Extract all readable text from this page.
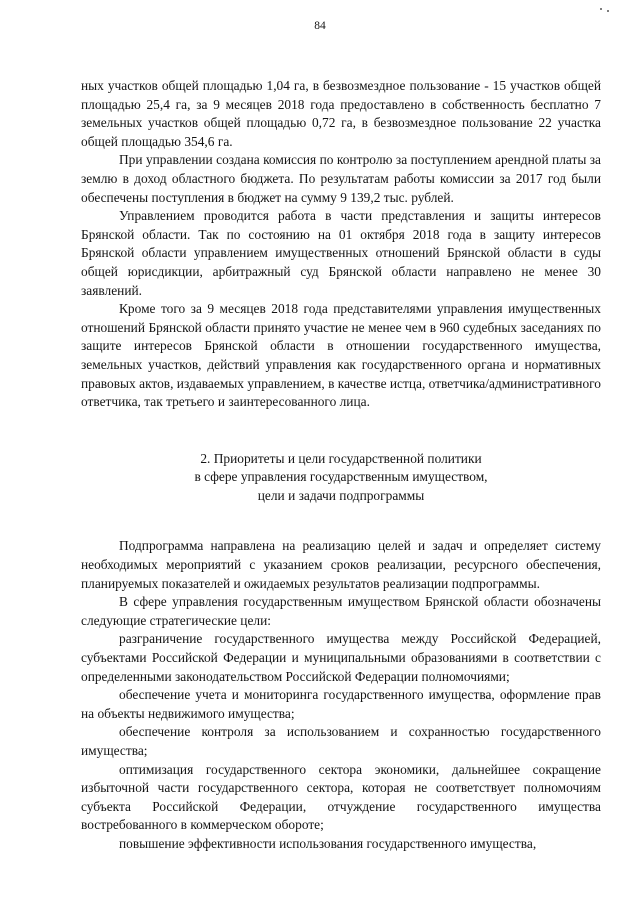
84

ных участков общей площадью 1,04 га, в безвозмездное пользование - 15 участков общей площадью 25,4 га, за 9 месяцев 2018 года предоставлено в собственность бесплатно 7 земельных участков общей площадью 0,72 га, в безвозмездное пользование 22 участка общей площадью 354,6 га.

При управлении создана комиссия по контролю за поступлением арендной платы за землю в доход областного бюджета. По результатам работы комиссии за 2017 год были обеспечены поступления в бюджет на сумму 9 139,2 тыс. рублей.

Управлением проводится работа в части представления и защиты интересов Брянской области. Так по состоянию на 01 октября 2018 года в защиту интересов Брянской области управлением имущественных отношений Брянской области в суды общей юрисдикции, арбитражный суд Брянской области направлено не менее 30 заявлений.

Кроме того за 9 месяцев 2018 года представителями управления имущественных отношений Брянской области принято участие не менее чем в 960 судебных заседаниях по защите интересов Брянской области в отношении государственного имущества, земельных участков, действий управления как государственного органа и нормативных правовых актов, издаваемых управлением, в качестве истца, ответчика/административного ответчика, так третьего и заинтересованного лица.

2. Приоритеты и цели государственной политики
в сфере управления государственным имуществом,
цели и задачи подпрограммы

Подпрограмма направлена на реализацию целей и задач и определяет систему необходимых мероприятий с указанием сроков реализации, ресурсного обеспечения, планируемых показателей и ожидаемых результатов реализации подпрограммы.

В сфере управления государственным имуществом Брянской области обозначены следующие стратегические цели:

разграничение государственного имущества между Российской Федерацией, субъектами Российской Федерации и муниципальными образованиями в соответствии с определенными законодательством Российской Федерации полномочиями;

обеспечение учета и мониторинга государственного имущества, оформление прав на объекты недвижимого имущества;

обеспечение контроля за использованием и сохранностью государственного имущества;

оптимизация государственного сектора экономики, дальнейшее сокращение избыточной части государственного сектора, которая не соответствует полномочиям субъекта Российской Федерации, отчуждение государственного имущества востребованного в коммерческом обороте;

повышение эффективности использования государственного имущества,
